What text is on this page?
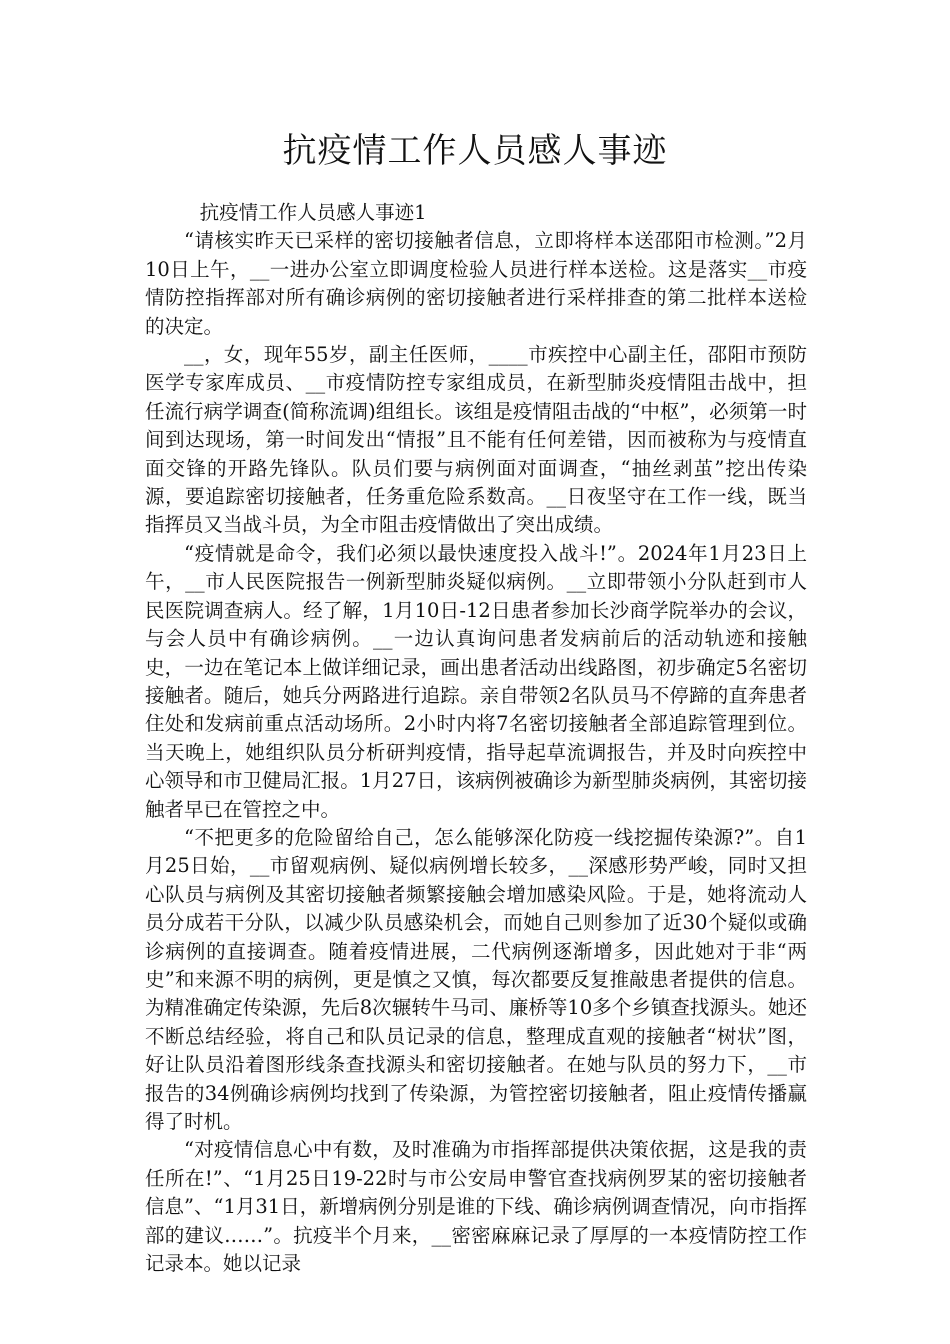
抗疫情工作人员感人事迹

抗疫情工作人员感人事迹1

“请核实昨天已采样的密切接触者信息，立即将样本送邵阳市检测。”2月10日上午，__一进办公室立即调度检验人员进行样本送检。这是落实__市疫情防控指挥部对所有确诊病例的密切接触者进行采样排查的第二批样本送检的决定。

__，女，现年55岁，副主任医师，____市疾控中心副主任，邵阳市预防医学专家库成员、__市疫情防控专家组成员，在新型肺炎疫情阻击战中，担任流行病学调查(简称流调)组组长。该组是疫情阻击战的“中枢”，必须第一时间到达现场，第一时间发出“情报”且不能有任何差错，因而被称为与疫情直面交锋的开路先锋队。队员们要与病例面对面调查，“抽丝剥茧”挖出传染源，要追踪密切接触者，任务重危险系数高。__日夜坚守在工作一线，既当指挥员又当战斗员，为全市阻击疫情做出了突出成绩。

“疫情就是命令，我们必须以最快速度投入战斗!”。2024年1月23日上午，__市人民医院报告一例新型肺炎疑似病例。__立即带领小分队赶到市人民医院调查病人。经了解，1月10日-12日患者参加长沙商学院举办的会议，与会人员中有确诊病例。__一边认真询问患者发病前后的活动轨迹和接触史，一边在笔记本上做详细记录，画出患者活动出线路图，初步确定5名密切接触者。随后，她兵分两路进行追踪。亲自带领2名队员马不停蹄的直奔患者住处和发病前重点活动场所。2小时内将7名密切接触者全部追踪管理到位。当天晚上，她组织队员分析研判疫情，指导起草流调报告，并及时向疾控中心领导和市卫健局汇报。1月27日，该病例被确诊为新型肺炎病例，其密切接触者早已在管控之中。

“不把更多的危险留给自己，怎么能够深化防疫一线挖掘传染源?”。自1月25日始，__市留观病例、疑似病例增长较多，__深感形势严峻，同时又担心队员与病例及其密切接触者频繁接触会增加感染风险。于是，她将流动人员分成若干分队，以减少队员感染机会，而她自己则参加了近30个疑似或确诊病例的直接调查。随着疫情进展，二代病例逐渐增多，因此她对于非“两史”和来源不明的病例，更是慎之又慎，每次都要反复推敲患者提供的信息。为精准确定传染源，先后8次辗转牛马司、廉桥等10多个乡镇查找源头。她还不断总结经验，将自己和队员记录的信息，整理成直观的接触者“树状”图，好让队员沿着图形线条查找源头和密切接触者。在她与队员的努力下，__市报告的34例确诊病例均找到了传染源，为管控密切接触者，阻止疫情传播赢得了时机。

“对疫情信息心中有数，及时准确为市指挥部提供决策依据，这是我的责任所在!”、“1月25日19-22时与市公安局申警官查找病例罗某的密切接触者信息”、“1月31日，新增病例分别是谁的下线、确诊病例调查情况，向市指挥部的建议……”。抗疫半个月来，__密密麻麻记录了厚厚的一本疫情防控工作记录本。她以记录
